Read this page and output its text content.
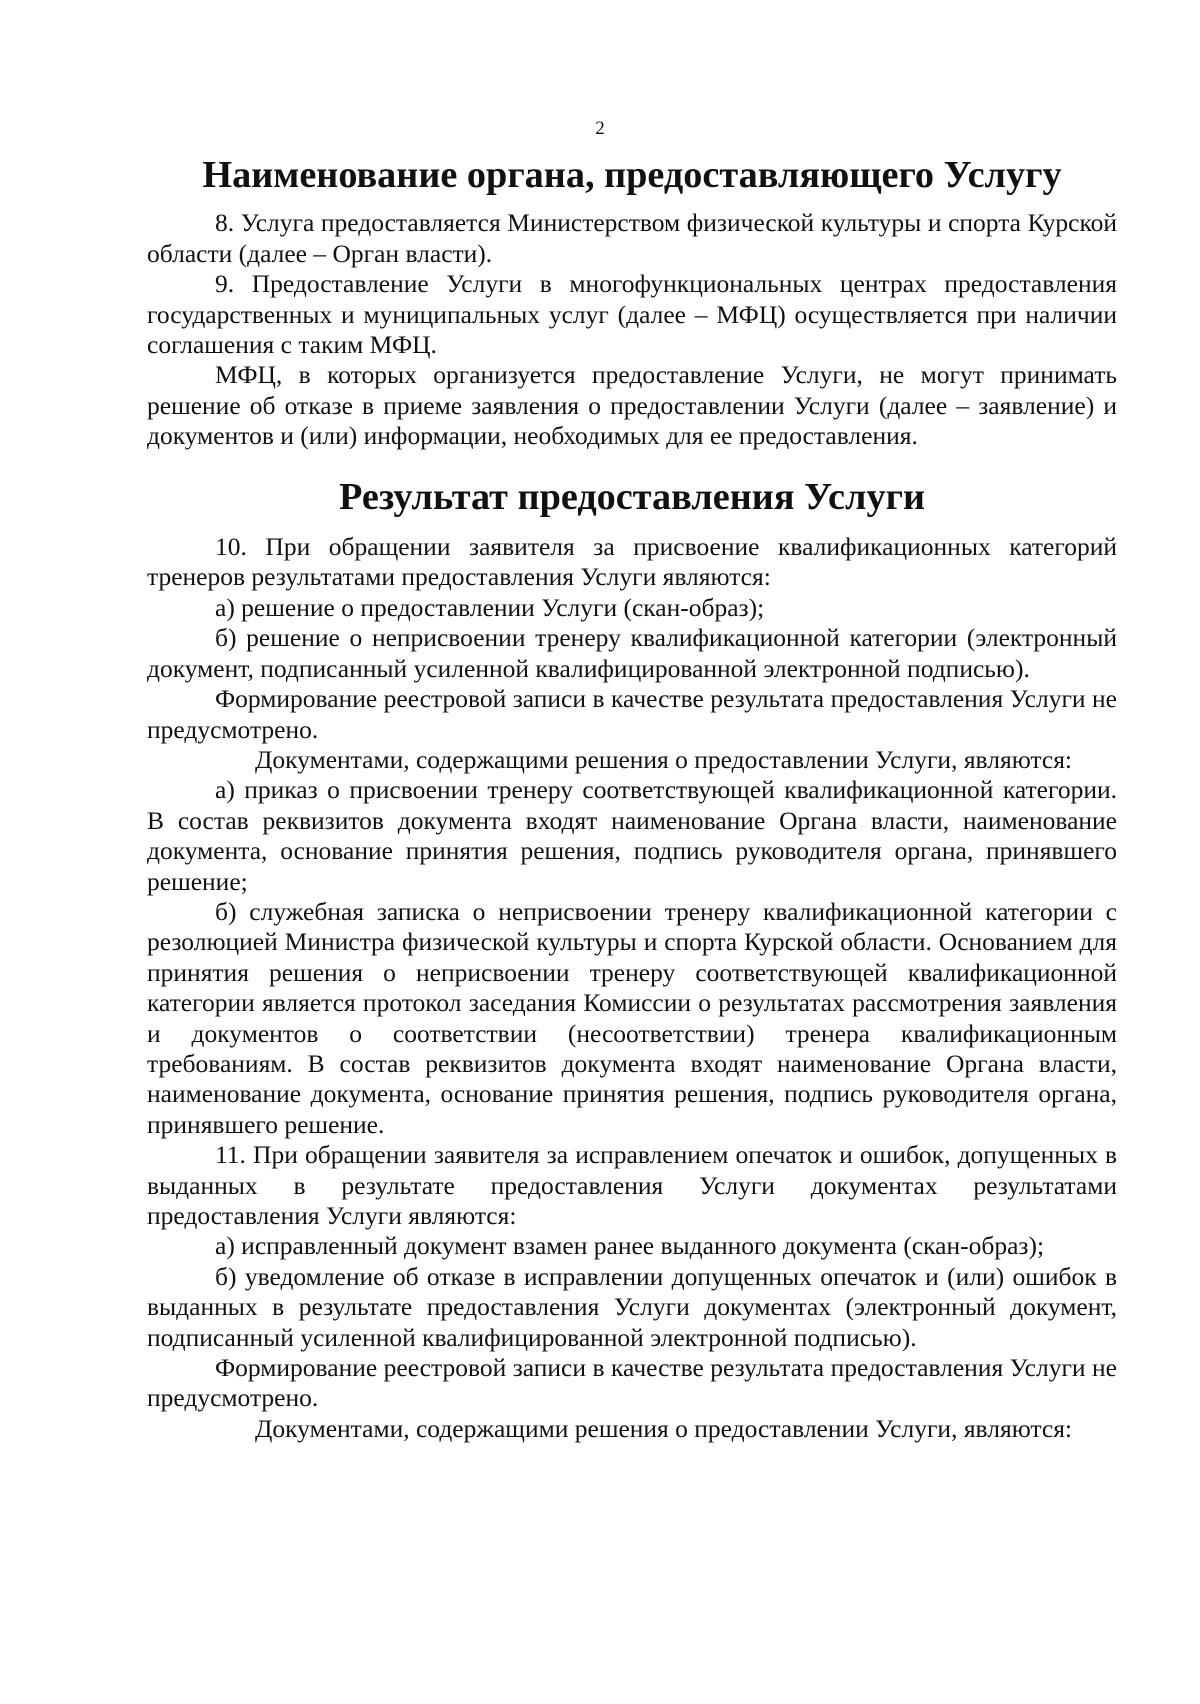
2
Наименование органа, предоставляющего Услугу

8. Услуга предоставляется Министерством физической культуры и спорта Курской области (далее – Орган власти).

9. Предоставление Услуги в многофункциональных центрах предоставления государственных и муниципальных услуг (далее – МФЦ) осуществляется при наличии соглашения с таким МФЦ.

МФЦ, в которых организуется предоставление Услуги, не могут принимать решение об отказе в приеме заявления о предоставлении Услуги (далее – заявление) и документов и (или) информации, необходимых для ее предоставления.

Результат предоставления Услуги

10. При обращении заявителя за присвоение квалификационных категорий тренеров результатами предоставления Услуги являются:

а) решение о предоставлении Услуги (скан-образ);

б) решение о неприсвоении тренеру квалификационной категории (электронный документ, подписанный усиленной квалифицированной электронной подписью).

Формирование реестровой записи в качестве результата предоставления Услуги не предусмотрено.

Документами, содержащими решения о предоставлении Услуги, являются:

а) приказ о присвоении тренеру соответствующей квалификационной категории. В состав реквизитов документа входят наименование Органа власти, наименование документа, основание принятия решения, подпись руководителя органа, принявшего решение;

б) служебная записка о неприсвоении тренеру квалификационной категории с резолюцией Министра физической культуры и спорта Курской области. Основанием для принятия решения о неприсвоении тренеру соответствующей квалификационной категории является протокол заседания Комиссии о результатах рассмотрения заявления и документов о соответствии (несоответствии) тренера квалификационным требованиям. В состав реквизитов документа входят наименование Органа власти, наименование документа, основание принятия решения, подпись руководителя органа, принявшего решение.

11. При обращении заявителя за исправлением опечаток и ошибок, допущенных в выданных в результате предоставления Услуги документах результатами предоставления Услуги являются:

а) исправленный документ взамен ранее выданного документа (скан-образ);

б) уведомление об отказе в исправлении допущенных опечаток и (или) ошибок в выданных в результате предоставления Услуги документах (электронный документ, подписанный усиленной квалифицированной электронной подписью).

Формирование реестровой записи в качестве результата предоставления Услуги не предусмотрено.

Документами, содержащими решения о предоставлении Услуги, являются:
